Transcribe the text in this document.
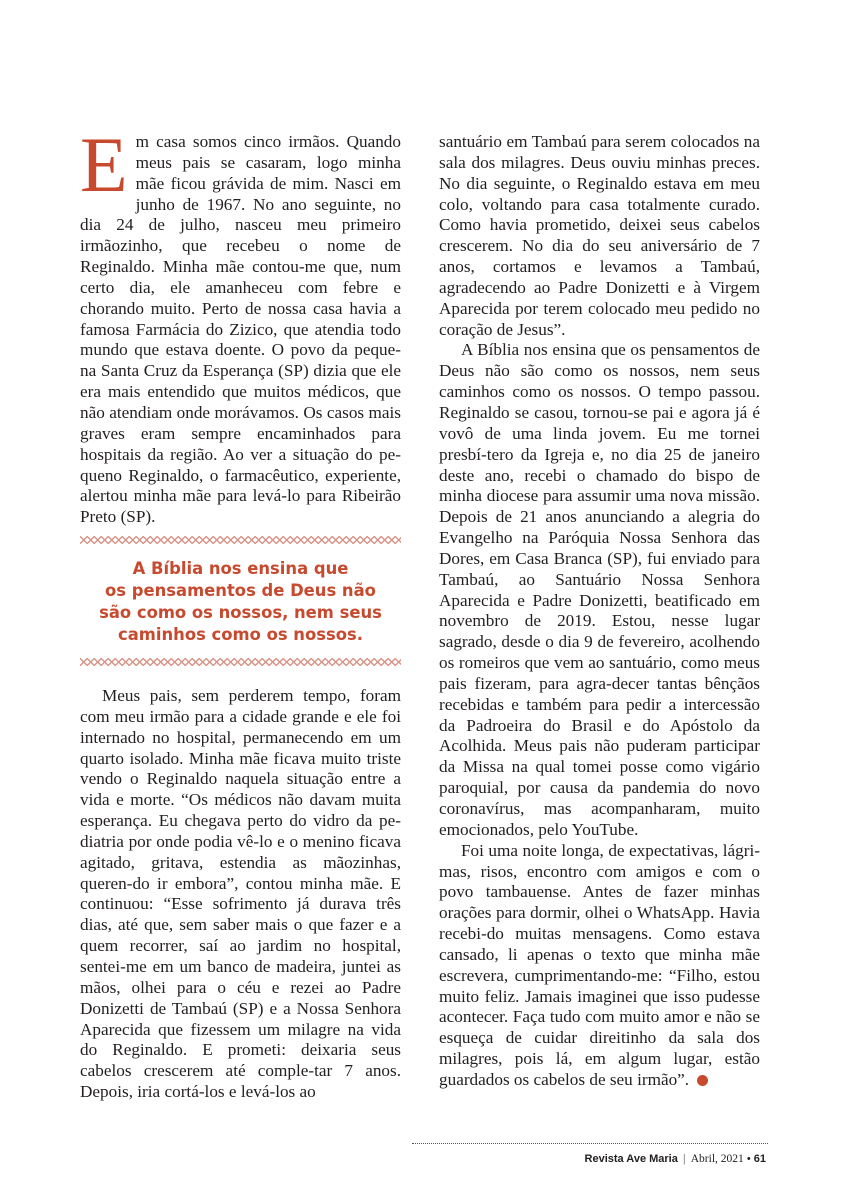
Em casa somos cinco irmãos. Quando meus pais se casaram, logo minha mãe ficou grávida de mim. Nasci em junho de 1967. No ano seguinte, no dia 24 de julho, nasceu meu primeiro irmãozinho, que recebeu o nome de Reginaldo. Minha mãe contou-me que, num certo dia, ele amanheceu com febre e chorando muito. Perto de nossa casa havia a famosa Farmácia do Zizico, que atendia todo mundo que estava doente. O povo da peque-na Santa Cruz da Esperança (SP) dizia que ele era mais entendido que muitos médicos, que não atendiam onde morávamos. Os casos mais graves eram sempre encaminhados para hospitais da região. Ao ver a situação do pe-queno Reginaldo, o farmacêutico, experiente, alertou minha mãe para levá-lo para Ribeirão Preto (SP).

A Bíblia nos ensina que
os pensamentos de Deus não
são como os nossos, nem seus
caminhos como os nossos.

Meus pais, sem perderem tempo, foram com meu irmão para a cidade grande e ele foi internado no hospital, permanecendo em um quarto isolado. Minha mãe ficava muito triste vendo o Reginaldo naquela situação entre a vida e morte. “Os médicos não davam muita esperança. Eu chegava perto do vidro da pe-diatria por onde podia vê-lo e o menino ficava agitado, gritava, estendia as mãozinhas, queren-do ir embora”, contou minha mãe. E continuou: “Esse sofrimento já durava três dias, até que, sem saber mais o que fazer e a quem recorrer, saí ao jardim no hospital, sentei-me em um banco de madeira, juntei as mãos, olhei para o céu e rezei ao Padre Donizetti de Tambaú (SP) e a Nossa Senhora Aparecida que fizessem um milagre na vida do Reginaldo. E prometi: deixaria seus cabelos crescerem até comple-tar 7 anos. Depois, iria cortá-los e levá-los ao

santuário em Tambaú para serem colocados na sala dos milagres. Deus ouviu minhas preces. No dia seguinte, o Reginaldo estava em meu colo, voltando para casa totalmente curado. Como havia prometido, deixei seus cabelos crescerem. No dia do seu aniversário de 7 anos, cortamos e levamos a Tambaú, agradecendo ao Padre Donizetti e à Virgem Aparecida por terem colocado meu pedido no coração de Jesus”.

A Bíblia nos ensina que os pensamentos de Deus não são como os nossos, nem seus caminhos como os nossos. O tempo passou. Reginaldo se casou, tornou-se pai e agora já é vovô de uma linda jovem. Eu me tornei presbí-tero da Igreja e, no dia 25 de janeiro deste ano, recebi o chamado do bispo de minha diocese para assumir uma nova missão. Depois de 21 anos anunciando a alegria do Evangelho na Paróquia Nossa Senhora das Dores, em Casa Branca (SP), fui enviado para Tambaú, ao Santuário Nossa Senhora Aparecida e Padre Donizetti, beatificado em novembro de 2019. Estou, nesse lugar sagrado, desde o dia 9 de fevereiro, acolhendo os romeiros que vem ao santuário, como meus pais fizeram, para agra-decer tantas bênçãos recebidas e também para pedir a intercessão da Padroeira do Brasil e do Apóstolo da Acolhida. Meus pais não puderam participar da Missa na qual tomei posse como vigário paroquial, por causa da pandemia do novo coronavírus, mas acompanharam, muito emocionados, pelo YouTube.

Foi uma noite longa, de expectativas, lágri-mas, risos, encontro com amigos e com o povo tambauense. Antes de fazer minhas orações para dormir, olhei o WhatsApp. Havia recebi-do muitas mensagens. Como estava cansado, li apenas o texto que minha mãe escrevera, cumprimentando-me: “Filho, estou muito feliz. Jamais imaginei que isso pudesse acontecer. Faça tudo com muito amor e não se esqueça de cuidar direitinho da sala dos milagres, pois lá, em algum lugar, estão guardados os cabelos de seu irmão”.

Revista Ave Maria | Abril, 2021 • 61
